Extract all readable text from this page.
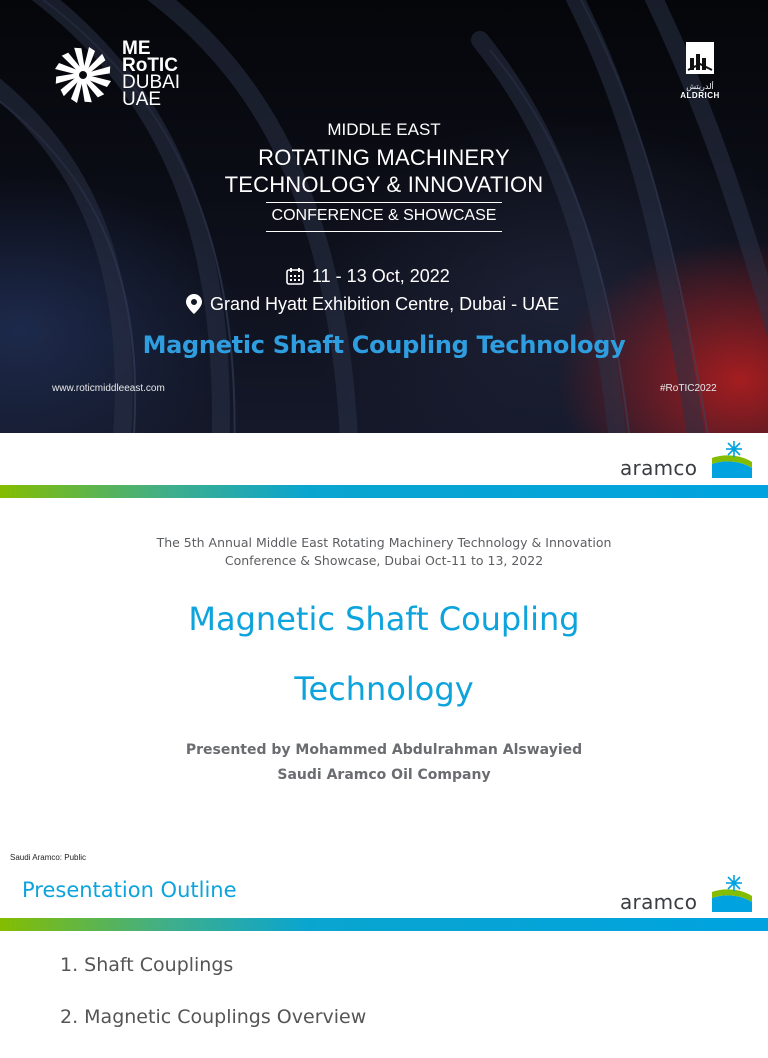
ME
RoTIC
DUBAI
UAE
ألدريتش
ALDRICH
MIDDLE EAST
ROTATING MACHINERY
TECHNOLOGY & INNOVATION
CONFERENCE & SHOWCASE
11 - 13 Oct, 2022
Grand Hyatt Exhibition Centre, Dubai - UAE
Magnetic Shaft Coupling Technology
www.roticmiddleeast.com	#RoTIC2022
aramco
The 5th Annual Middle East Rotating Machinery Technology & Innovation
Conference & Showcase, Dubai Oct-11 to 13, 2022
Magnetic Shaft Coupling
Technology
Presented by Mohammed Abdulrahman Alswayied
Saudi Aramco Oil Company
Saudi Aramco: Public
Presentation Outline	aramco
1. Shaft Couplings
2. Magnetic Couplings Overview
